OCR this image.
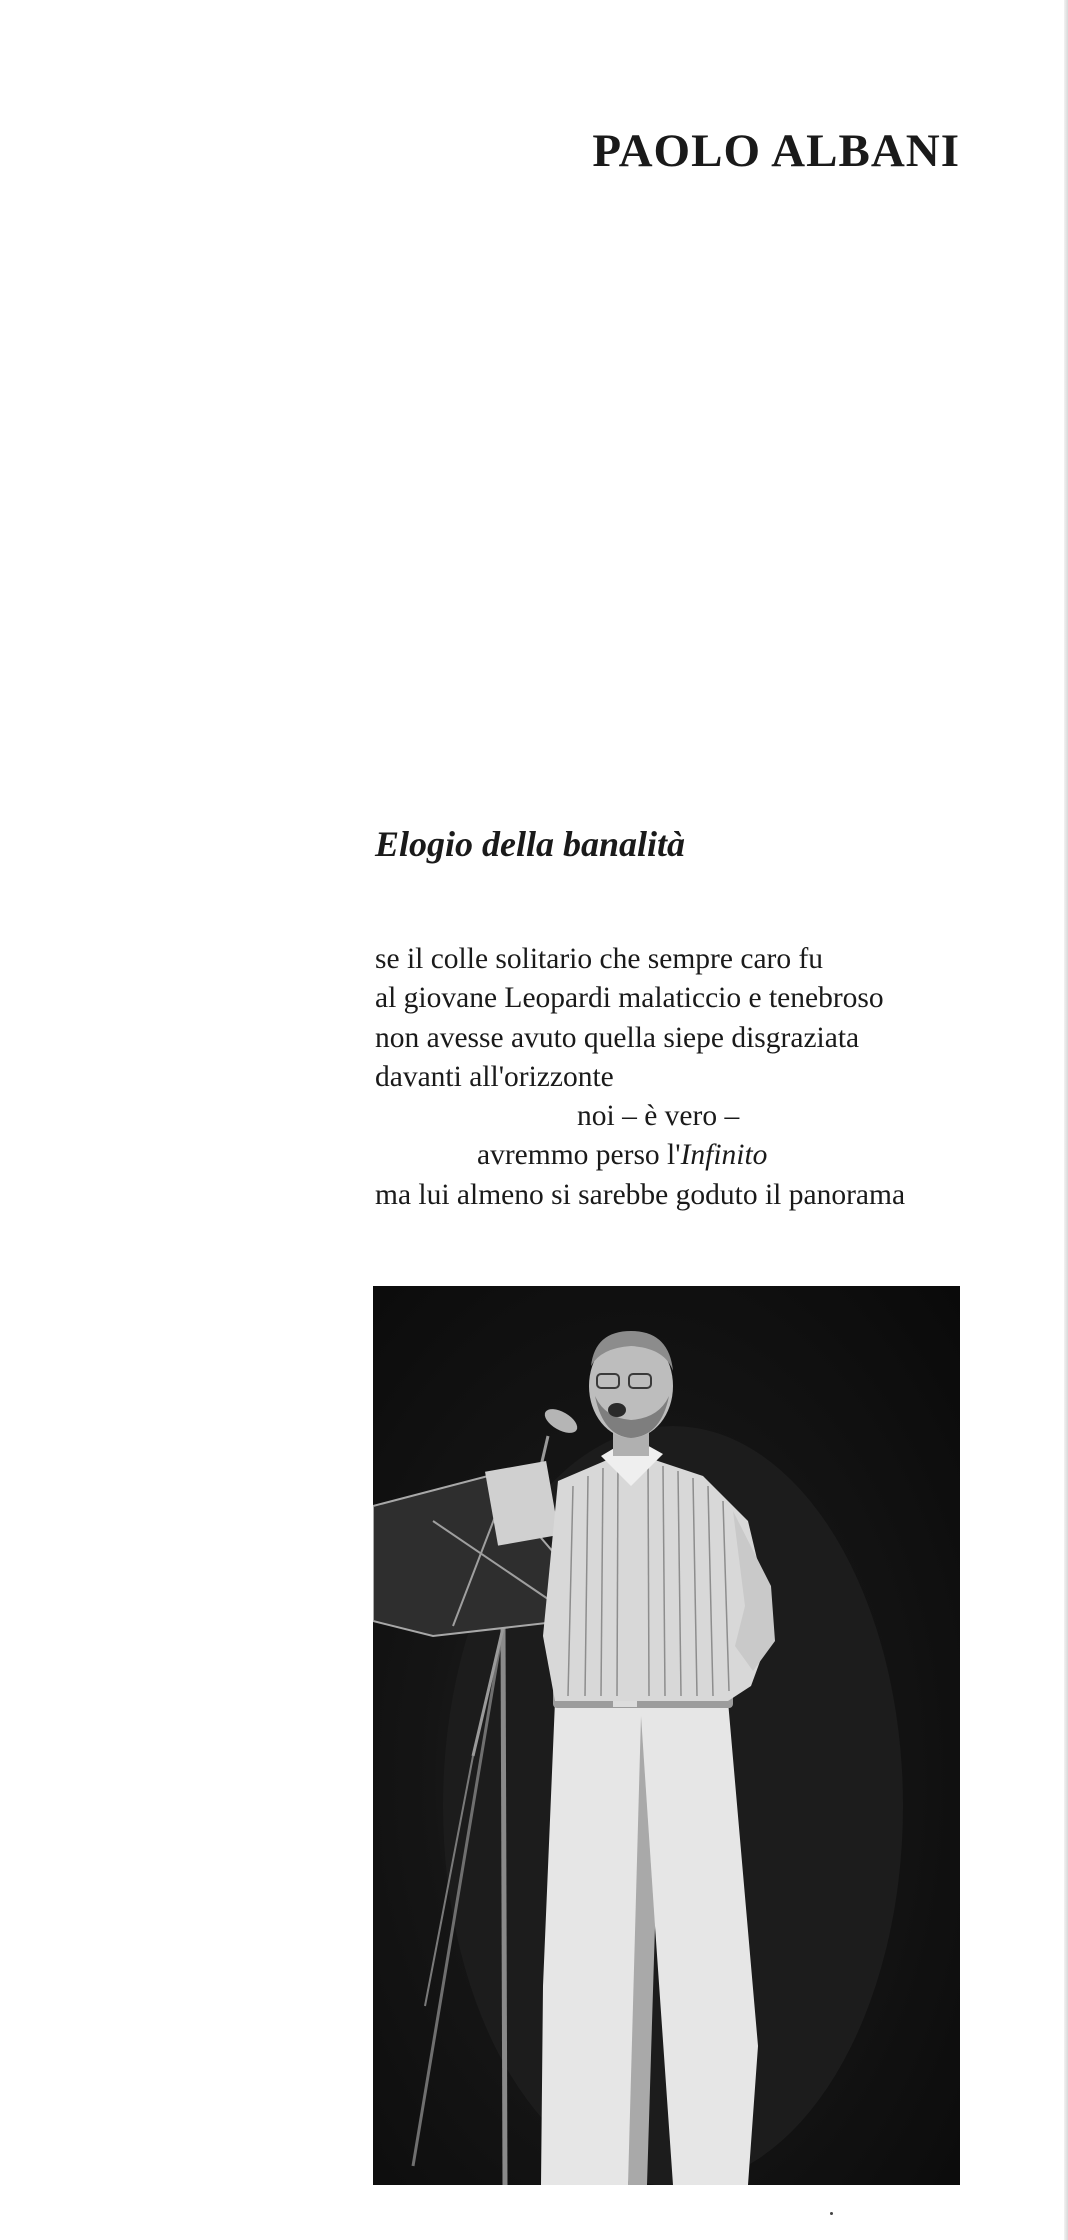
PAOLO ALBANI
Elogio della banalità
se il colle solitario che sempre caro fu
al giovane Leopardi malaticcio e tenebroso
non avesse avuto quella siepe disgraziata
davanti all'orizzonte
noi – è vero –
avremmo perso l'Infinito
ma lui almeno si sarebbe goduto il panorama
